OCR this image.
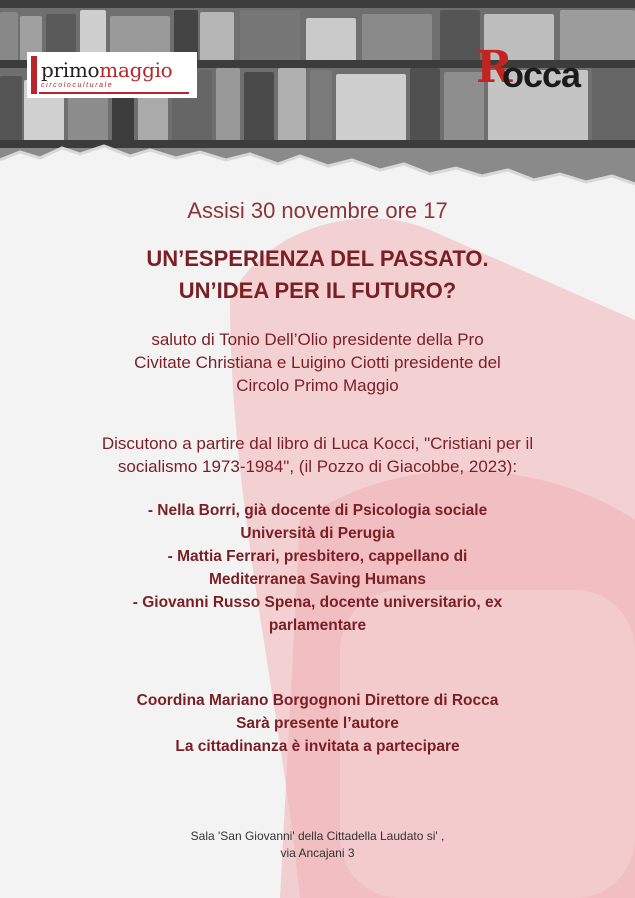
primomaggio
circoloculturale	R
occa
Assisi 30 novembre ore 17
UN’ESPERIENZA DEL PASSATO.
UN’IDEA PER IL FUTURO?
saluto di Tonio Dell’Olio presidente della Pro
Civitate Christiana e Luigino Ciotti presidente del
Circolo Primo Maggio
Discutono a partire dal libro di Luca Kocci, "Cristiani per il
socialismo 1973-1984", (il Pozzo di Giacobbe, 2023):
- Nella Borri, già docente di Psicologia sociale
Università di Perugia
- Mattia Ferrari, presbitero, cappellano di
Mediterranea Saving Humans
- Giovanni Russo Spena, docente universitario, ex
parlamentare
Coordina Mariano Borgognoni Direttore di Rocca
Sarà presente l’autore
La cittadinanza è invitata a partecipare
Sala 'San Giovanni' della Cittadella Laudato si' ,
via Ancajani 3
